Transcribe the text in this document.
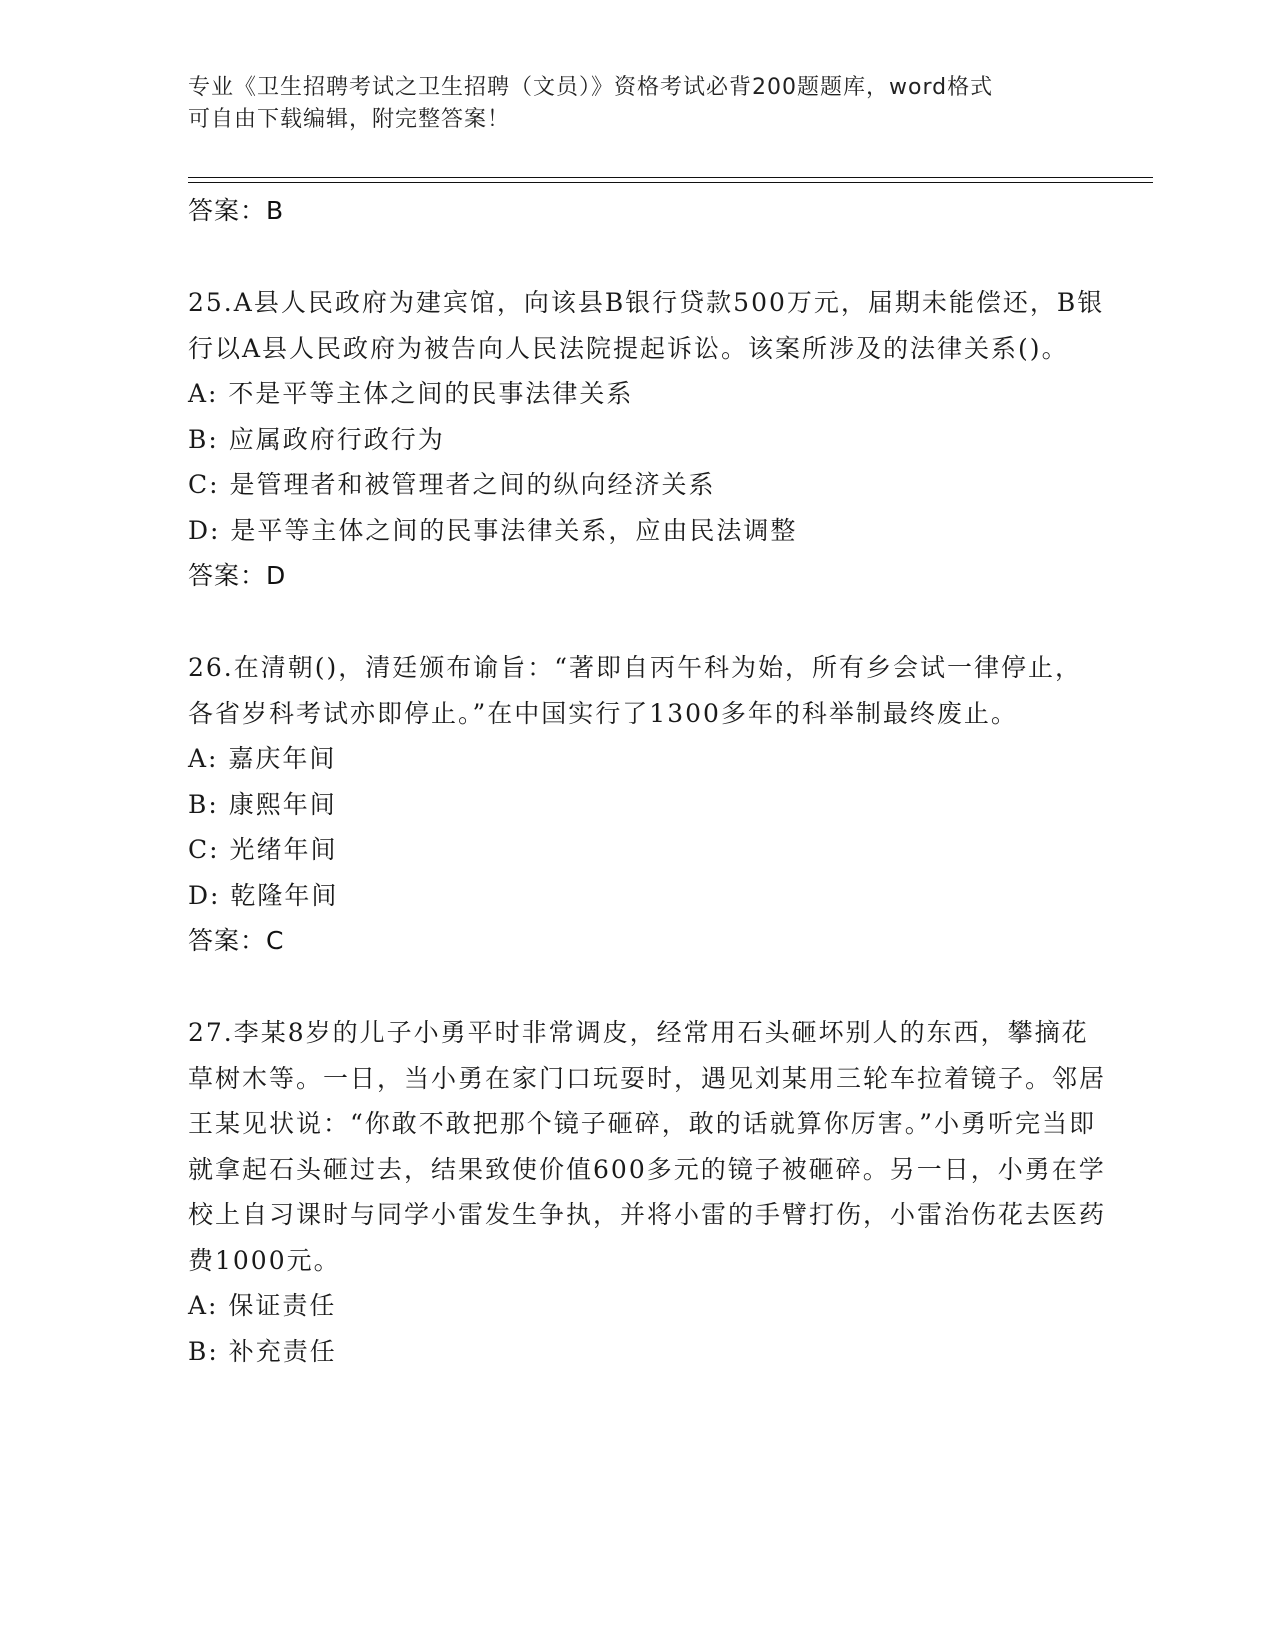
专业《卫生招聘考试之卫生招聘（文员）》资格考试必背200题题库，word格式
可自由下载编辑，附完整答案！
答案：B
25.A县人民政府为建宾馆，向该县B银行贷款500万元，届期未能偿还，B银行以A县人民政府为被告向人民法院提起诉讼。该案所涉及的法律关系()。
A: 不是平等主体之间的民事法律关系
B: 应属政府行政行为
C: 是管理者和被管理者之间的纵向经济关系
D: 是平等主体之间的民事法律关系，应由民法调整
答案：D
26.在清朝()，清廷颁布谕旨：“著即自丙午科为始，所有乡会试一律停止，各省岁科考试亦即停止。”在中国实行了1300多年的科举制最终废止。
A: 嘉庆年间
B: 康熙年间
C: 光绪年间
D: 乾隆年间
答案：C
27.李某8岁的儿子小勇平时非常调皮，经常用石头砸坏别人的东西，攀摘花草树木等。一日，当小勇在家门口玩耍时，遇见刘某用三轮车拉着镜子。邻居王某见状说：“你敢不敢把那个镜子砸碎，敢的话就算你厉害。”小勇听完当即就拿起石头砸过去，结果致使价值600多元的镜子被砸碎。另一日，小勇在学校上自习课时与同学小雷发生争执，并将小雷的手臂打伤，小雷治伤花去医药费1000元。
A: 保证责任
B: 补充责任
